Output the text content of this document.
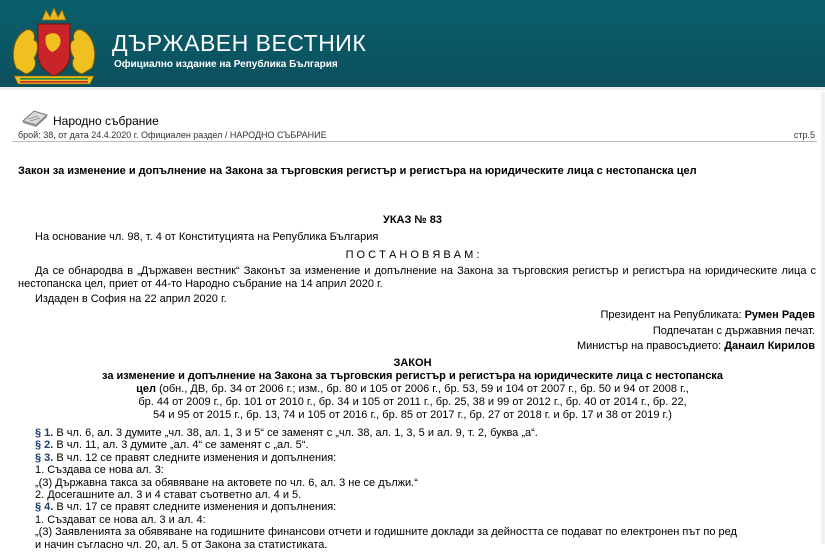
ДЪРЖАВЕН ВЕСТНИК
Официално издание на Република България
Народно събрание
брой: 38, от дата 24.4.2020 г. Официален раздел / НАРОДНО СЪБРАНИЕ	стр.5
Закон за изменение и допълнение на Закона за търговския регистър и регистъра на юридическите лица с нестопанска цел
УКАЗ № 83
На основание чл. 98, т. 4 от Конституцията на Република България
П О С Т А Н О В Я В А М :
Да се обнародва в „Държавен вестник“ Законът за изменение и допълнение на Закона за търговския регистър и регистъра на юридическите лица с нестопанска цел, приет от 44-то Народно събрание на 14 април 2020 г.
Издаден в София на 22 април 2020 г.
Президент на Републиката: Румен Радев
Подпечатан с държавния печат.
Министър на правосъдието: Данаил Кирилов
ЗАКОН
за изменение и допълнение на Закона за търговския регистър и регистъра на юридическите лица с нестопанска
цел (обн., ДВ, бр. 34 от 2006 г.; изм., бр. 80 и 105 от 2006 г., бр. 53, 59 и 104 от 2007 г., бр. 50 и 94 от 2008 г.,
бр. 44 от 2009 г., бр. 101 от 2010 г., бр. 34 и 105 от 2011 г., бр. 25, 38 и 99 от 2012 г., бр. 40 от 2014 г., бр. 22,
54 и 95 от 2015 г., бр. 13, 74 и 105 от 2016 г., бр. 85 от 2017 г., бр. 27 от 2018 г. и бр. 17 и 38 от 2019 г.)
§ 1. В чл. 6, ал. 3 думите „чл. 38, ал. 1, 3 и 5“ се заменят с „чл. 38, ал. 1, 3, 5 и ал. 9, т. 2, буква „а“.
§ 2. В чл. 11, ал. 3 думите „ал. 4“ се заменят с „ал. 5“.
§ 3. В чл. 12 се правят следните изменения и допълнения:
1. Създава се нова ал. 3:
„(3) Държавна такса за обявяване на актовете по чл. 6, ал. 3 не се дължи.“
2. Досегашните ал. 3 и 4 стават съответно ал. 4 и 5.
§ 4. В чл. 17 се правят следните изменения и допълнения:
1. Създават се нова ал. 3 и ал. 4:
„(3) Заявленията за обявяване на годишните финансови отчети и годишните доклади за дейността се подават по електронен път по ред
и начин съгласно чл. 20, ал. 5 от Закона за статистиката.
